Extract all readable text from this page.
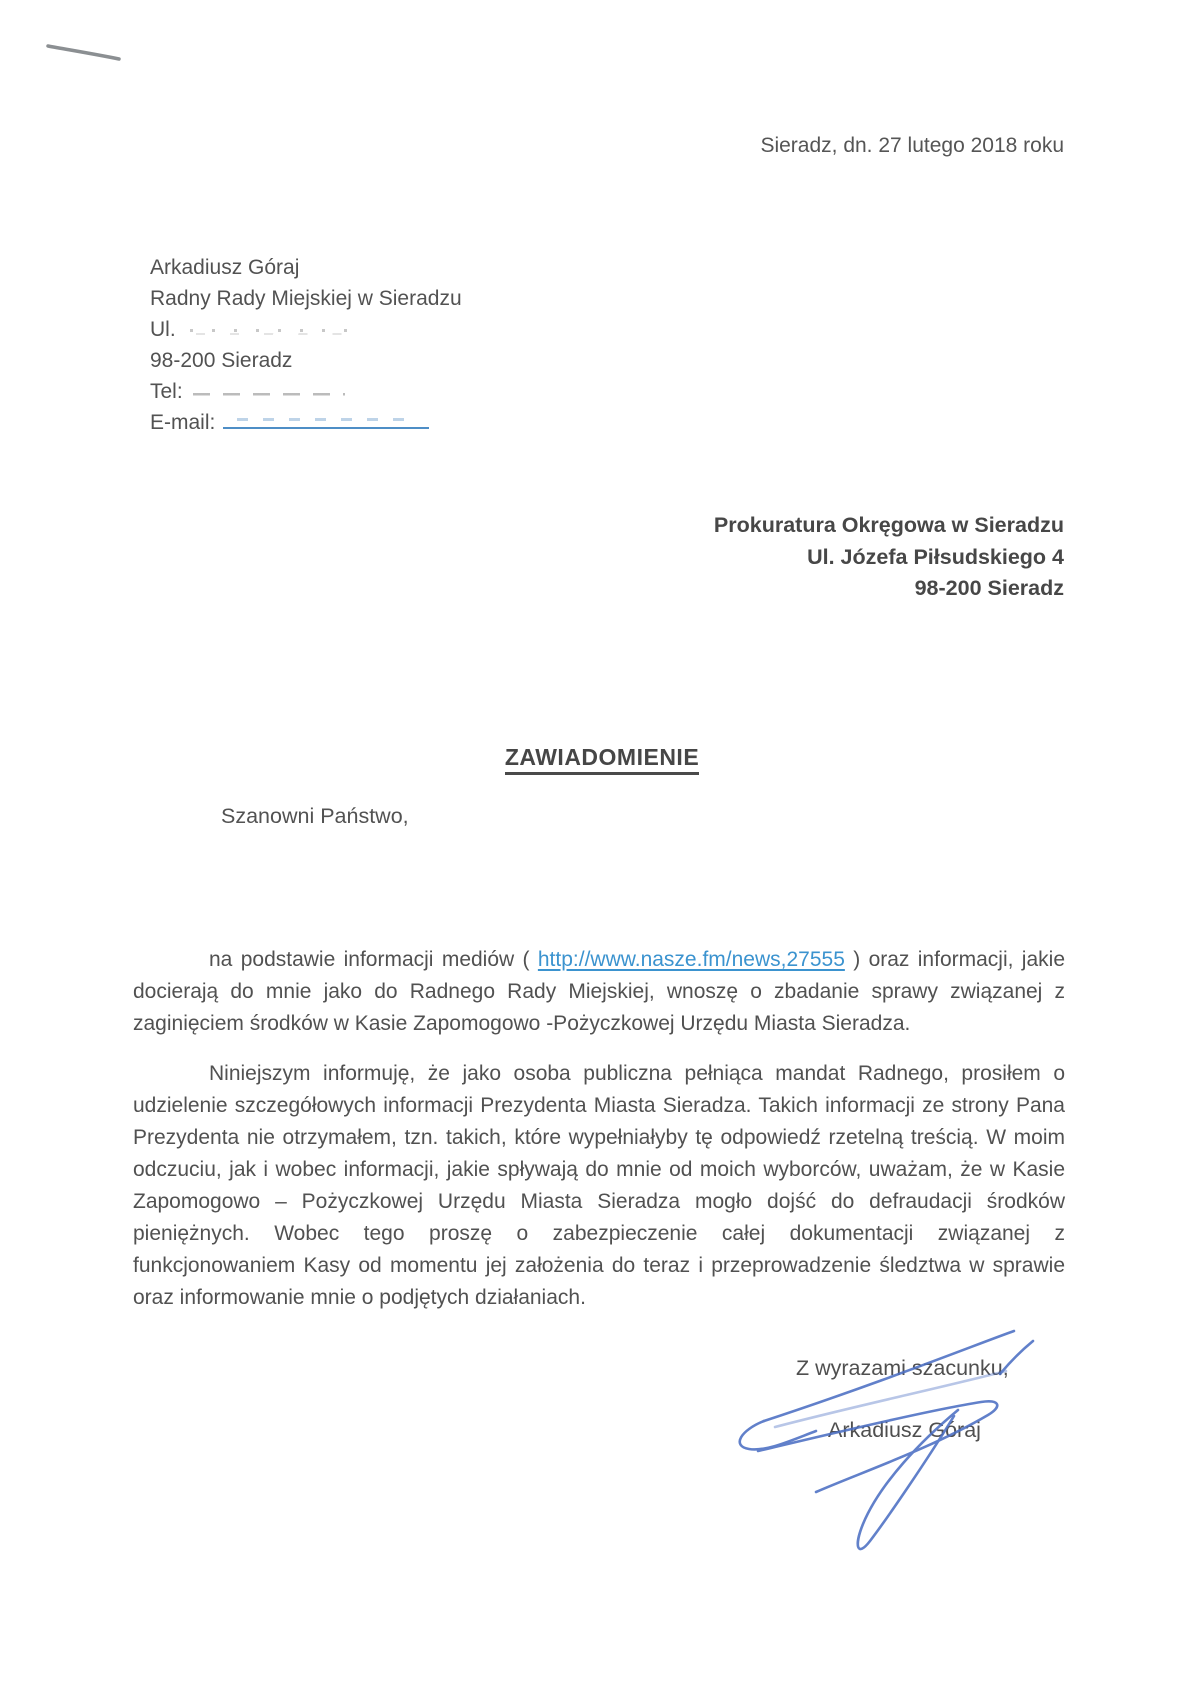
Sieradz, dn. 27 lutego 2018 roku
Arkadiusz Góraj
Radny Rady Miejskiej w Sieradzu
Ul.
98-200 Sieradz
Tel:
E-mail:
Prokuratura Okręgowa w Sieradzu
Ul. Józefa Piłsudskiego 4
98-200 Sieradz
ZAWIADOMIENIE
Szanowni Państwo,
na podstawie informacji mediów ( http://www.nasze.fm/news,27555 ) oraz informacji, jakie docierają do mnie jako do Radnego Rady Miejskiej, wnoszę o zbadanie sprawy związanej z zaginięciem środków w Kasie Zapomogowo -Pożyczkowej Urzędu Miasta Sieradza.
Niniejszym informuję, że jako osoba publiczna pełniąca mandat Radnego, prosiłem o udzielenie szczegółowych informacji Prezydenta Miasta Sieradza. Takich informacji ze strony Pana Prezydenta nie otrzymałem, tzn. takich, które wypełniałyby tę odpowiedź rzetelną treścią. W moim odczuciu, jak i wobec informacji, jakie spływają do mnie od moich wyborców, uważam, że w Kasie Zapomogowo – Pożyczkowej Urzędu Miasta Sieradza mogło dojść do defraudacji środków pieniężnych. Wobec tego proszę o zabezpieczenie całej dokumentacji związanej z funkcjonowaniem Kasy od momentu jej założenia do teraz i przeprowadzenie śledztwa w sprawie oraz informowanie mnie o podjętych działaniach.
Z wyrazami szacunku,
Arkadiusz Góraj
